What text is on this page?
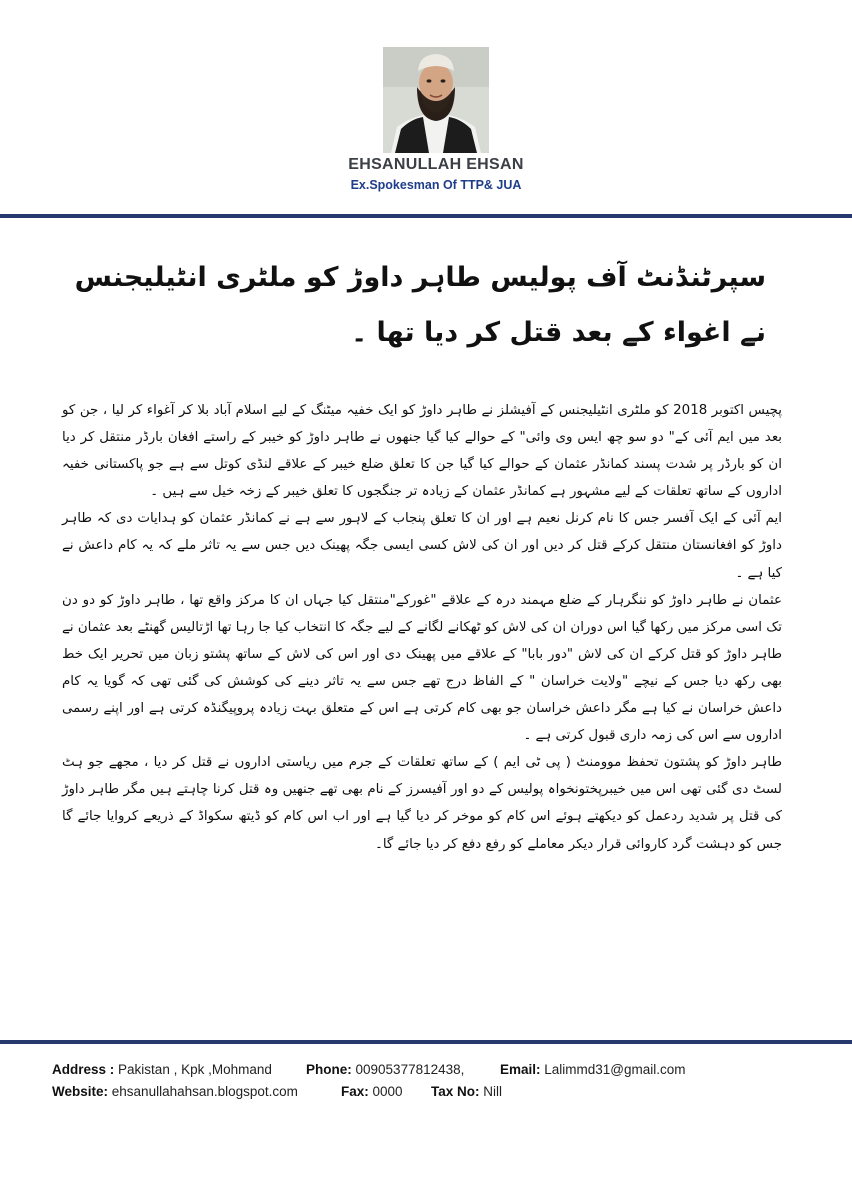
EHSANULLAH EHSAN
Ex.Spokesman Of TTP& JUA
سپرٹنڈنٹ آف پولیس طاہر داوڑ کو ملٹری انٹیلیجنس نے اغواء کے بعد قتل کر دیا تھا ۔

پچیس اکتوبر 2018 کو ملٹری انٹیلیجنس کے آفیشلز نے طاہر داوڑ کو ایک خفیہ میٹنگ کے لیے اسلام آباد بلا کر آغواء کر لیا ، جن کو بعد میں ایم آئی کے" دو سو چھ ایس وی وائی" کے حوالے کیا گیا جنھوں نے طاہر داوڑ کو خیبر کے راستے افغان بارڈر منتقل کر دیا ان کو بارڈر پر شدت پسند کمانڈر عثمان کے حوالے کیا گیا جن کا تعلق ضلع خیبر کے علاقے لنڈی کوتل سے ہے جو پاکستانی خفیہ اداروں کے ساتھ تعلقات کے لیے مشہور ہے کمانڈر عثمان کے زیادہ تر جنگجوں کا تعلق خیبر کے زخہ خیل سے ہیں ۔

ایم آئی کے ایک آفسر جس کا نام کرنل نعیم ہے اور ان کا تعلق پنجاب کے لاہور سے ہے نے کمانڈر عثمان کو ہدایات دی کہ طاہر داوڑ کو افغانستان منتقل کرکے قتل کر دیں اور ان کی لاش کسی ایسی جگہ پھینک دیں جس سے یہ تاثر ملے کہ یہ کام داعش نے کیا ہے ۔

عثمان نے طاہر داوڑ کو ننگرہار کے ضلع مہمند درہ کے علاقے "غورکے"منتقل کیا جہاں ان کا مرکز واقع تھا ، طاہر داوڑ کو دو دن تک اسی مرکز میں رکھا گیا اس دوران ان کی لاش کو ٹھکانے لگانے کے لیے جگہ کا انتخاب کیا جا رہا تھا اڑتالیس گھنٹے بعد عثمان نے طاہر داوڑ کو قتل کرکے ان کی لاش "دور بابا" کے علاقے میں پھینک دی اور اس کی لاش کے ساتھ پشتو زبان میں تحریر ایک خط بھی رکھ دیا جس کے نیچے "ولایت خراسان " کے الفاظ درج تھے جس سے یہ تاثر دینے کی کوشش کی گئی تھی کہ گویا یہ کام داعش خراسان نے کیا ہے مگر داعش خراسان جو بھی کام کرتی ہے اس کے متعلق بہت زیادہ پروپیگنڈہ کرتی ہے اور اپنے رسمی اداروں سے اس کی زمہ داری قبول کرتی ہے ۔

طاہر داوڑ کو پشتون تحفظ موومنٹ ( پی ٹی ایم ) کے ساتھ تعلقات کے جرم میں ریاستی اداروں نے قتل کر دیا ، مجھے جو ہٹ لسٹ دی گئی تھی اس میں خیبرپختونخواہ پولیس کے دو اور آفیسرز کے نام بھی تھے جنھیں وہ قتل کرنا چاہتے ہیں مگر طاہر داوڑ کی قتل پر شدید ردعمل کو دیکھتے ہوئے اس کام کو موخر کر دیا گیا ہے اور اب اس کام کو ڈیتھ سکواڈ کے ذریعے کروایا جائے گا جس کو دہشت گرد کاروائی قرار دیکر معاملے کو رفع دفع کر دیا جائے گا۔

Address : Pakistan , Kpk ,Mohmand	Phone: 00905377812438,	Email: Lalimmd31@gmail.com
Website: ehsanullahahsan.blogspot.com	Fax: 0000 Tax No: Nill
